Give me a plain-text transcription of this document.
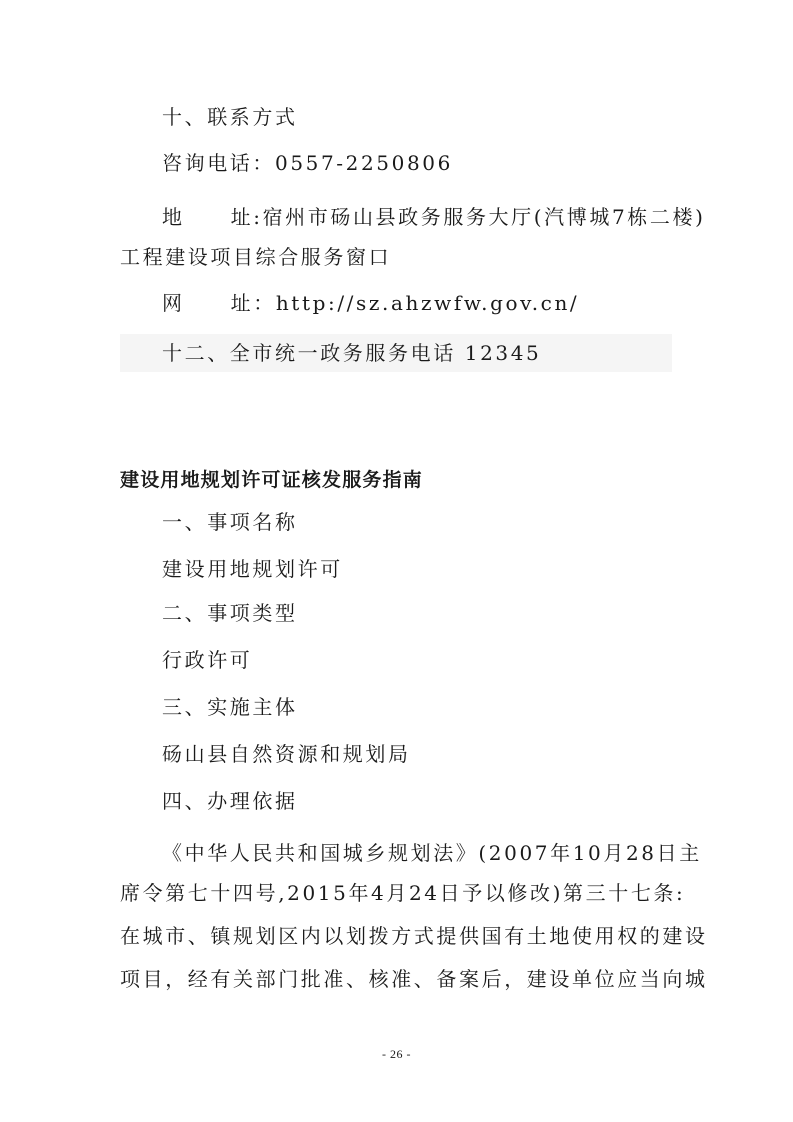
十、联系方式
咨询电话：0557-2250806
地 址:宿州市砀山县政务服务大厅(汽博城7栋二楼)
工程建设项目综合服务窗口
网 址：http://sz.ahzwfw.gov.cn/
十二、全市统一政务服务电话 12345
建设用地规划许可证核发服务指南
一、事项名称
建设用地规划许可
二、事项类型
行政许可
三、实施主体
砀山县自然资源和规划局
四、办理依据
《中华人民共和国城乡规划法》(2007年10月28日主
席令第七十四号,2015年4月24日予以修改)第三十七条:
在城市、镇规划区内以划拨方式提供国有土地使用权的建设
项目，经有关部门批准、核准、备案后，建设单位应当向城
- 26 -
